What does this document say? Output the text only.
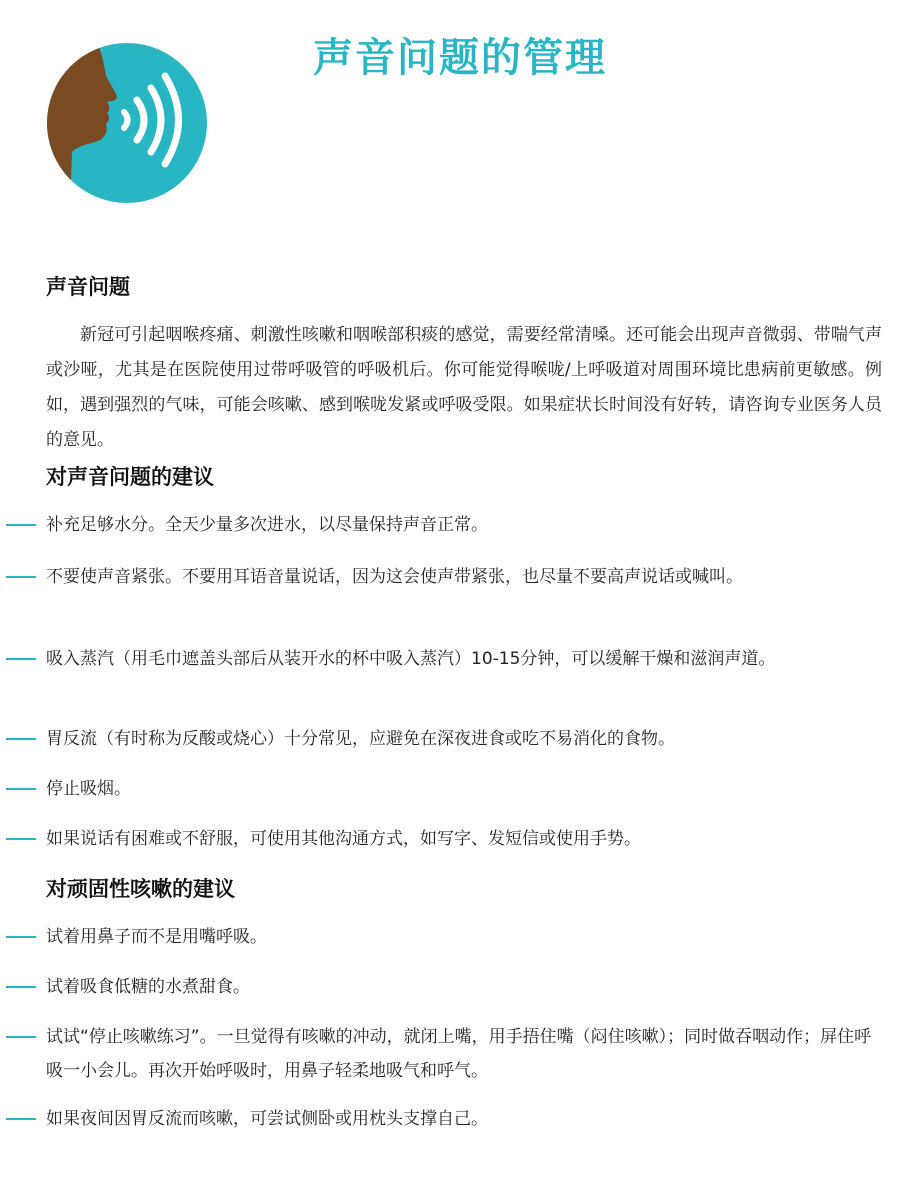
声音问题的管理
声音问题
新冠可引起咽喉疼痛、刺激性咳嗽和咽喉部积痰的感觉，需要经常清嗓。还可能会出现声音微弱、带喘气声或沙哑，尤其是在医院使用过带呼吸管的呼吸机后。你可能觉得喉咙/上呼吸道对周围环境比患病前更敏感。例如，遇到强烈的气味，可能会咳嗽、感到喉咙发紧或呼吸受限。如果症状长时间没有好转，请咨询专业医务人员的意见。
对声音问题的建议
补充足够水分。全天少量多次进水，以尽量保持声音正常。
不要使声音紧张。不要用耳语音量说话，因为这会使声带紧张，也尽量不要高声说话或喊叫。
吸入蒸汽（用毛巾遮盖头部后从装开水的杯中吸入蒸汽）10-15分钟，可以缓解干燥和滋润声道。
胃反流（有时称为反酸或烧心）十分常见，应避免在深夜进食或吃不易消化的食物。
停止吸烟。
如果说话有困难或不舒服，可使用其他沟通方式，如写字、发短信或使用手势。
对顽固性咳嗽的建议
试着用鼻子而不是用嘴呼吸。
试着吸食低糖的水煮甜食。
试试“停止咳嗽练习”。一旦觉得有咳嗽的冲动，就闭上嘴，用手捂住嘴（闷住咳嗽）；同时做吞咽动作；屏住呼吸一小会儿。再次开始呼吸时，用鼻子轻柔地吸气和呼气。
如果夜间因胃反流而咳嗽，可尝试侧卧或用枕头支撑自己。
